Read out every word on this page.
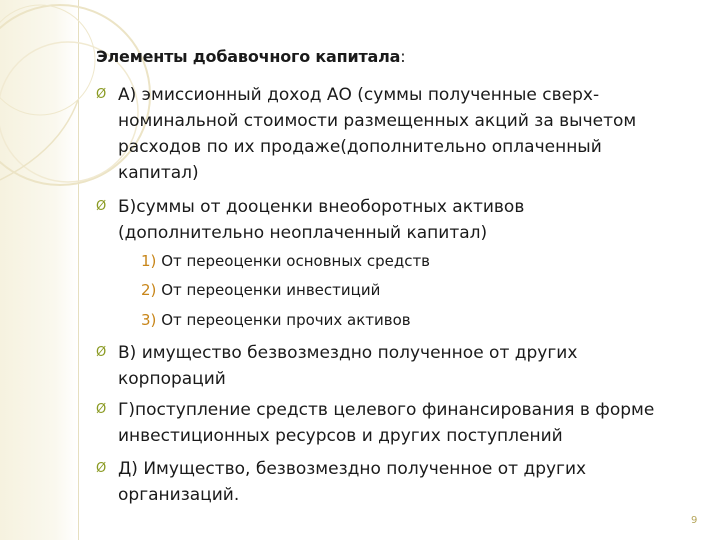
Элементы добавочного капитала:
Ø А) эмиссионный доход АО (суммы полученные сверх-
номинальной стоимости размещенных акций за вычетом
расходов по их продаже(дополнительно оплаченный
капитал)
Ø Б)суммы от дооценки внеоборотных активов
(дополнительно неоплаченный капитал)
1) От переоценки основных средств
2) От переоценки инвестиций
3) От переоценки прочих активов
Ø В) имущество безвозмездно полученное от других
корпораций
Ø Г)поступление средств целевого финансирования в форме
инвестиционных ресурсов и других поступлений
Ø Д) Имущество, безвозмездно полученное от других
организаций.
9
